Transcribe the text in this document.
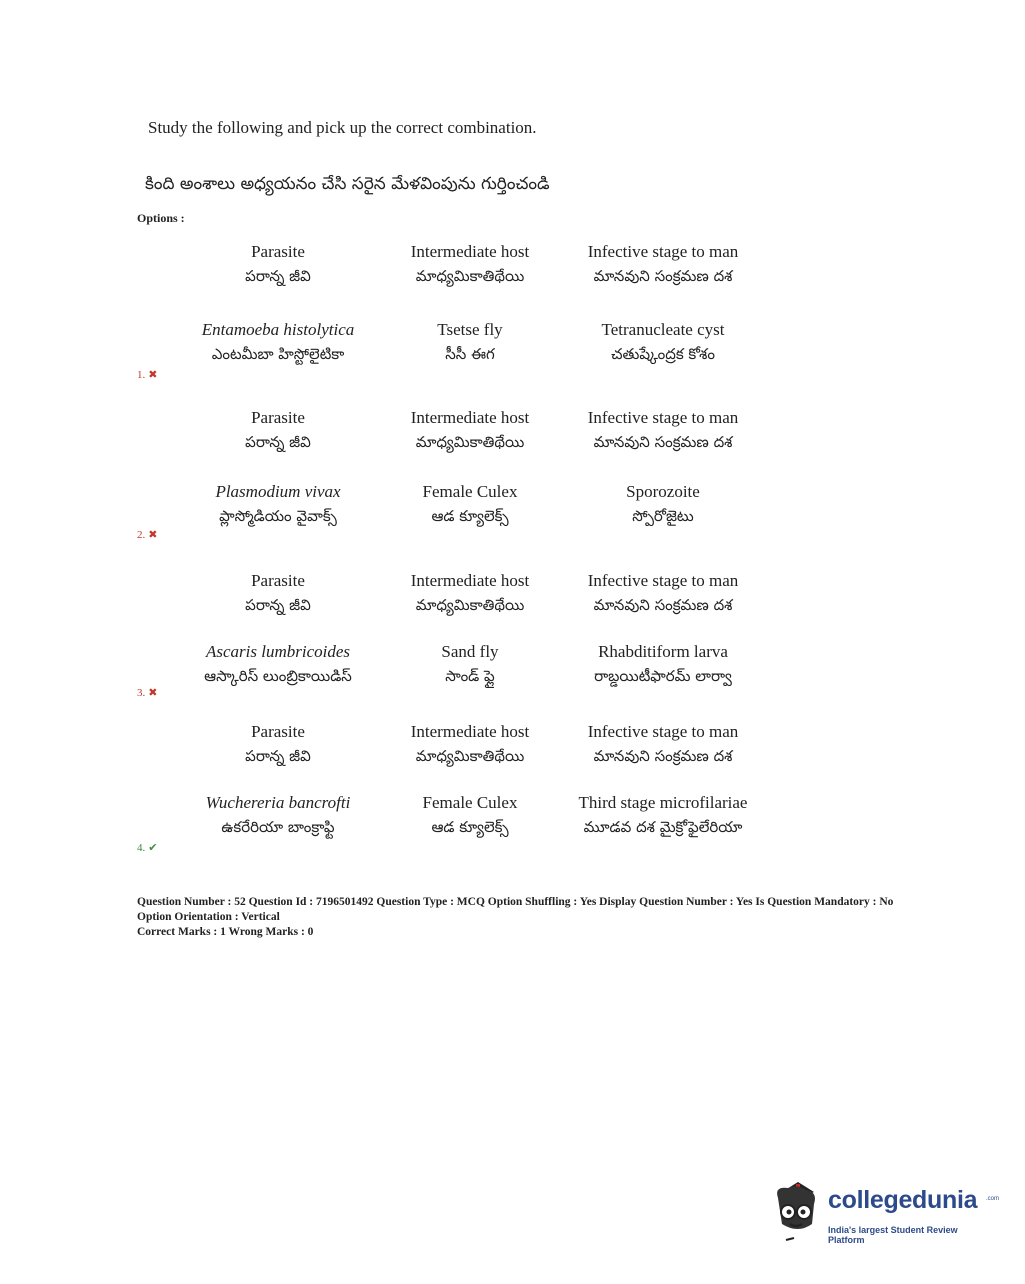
Study the following and pick up the correct combination.
కింది అంశాలు అధ్యయనం చేసి సరైన మేళవింపును గుర్తించండి
Options :
Parasite
పరాన్న జీవి
Entamoeba histolytica
ఎంటమీబా హిస్టోలైటికా
Intermediate host
మాధ్యమికాతిథేయి
Tsetse fly
సీసీ ఈగ
Infective stage to man
మానవుని సంక్రమణ దశ
Tetranucleate cyst
చతుష్కేంద్రక కోశం
1. ✖
Parasite
పరాన్న జీవి
Plasmodium vivax
ప్లాస్మోడియం వైవాక్స్
Intermediate host
మాధ్యమికాతిథేయి
Female Culex
ఆడ క్యూలెక్స్
Infective stage to man
మానవుని సంక్రమణ దశ
Sporozoite
స్పోరోజైటు
2. ✖
Parasite
పరాన్న జీవి
Ascaris lumbricoides
ఆస్కారిస్ లుంబ్రికాయిడిస్
Intermediate host
మాధ్యమికాతిథేయి
Sand fly
సాండ్ ఫ్లై
Infective stage to man
మానవుని సంక్రమణ దశ
Rhabditiform larva
రాబ్డయిటీఫారమ్ లార్వా
3. ✖
Parasite
పరాన్న జీవి
Wuchereria bancrofti
ఉకరేరియా బాంక్రాఫ్టి
Intermediate host
మాధ్యమికాతిథేయి
Female Culex
ఆడ క్యూలెక్స్
Infective stage to man
మానవుని సంక్రమణ దశ
Third stage microfilariae
మూడవ దశ మైక్రోఫైలేరియా
4. ✔
Question Number : 52 Question Id : 7196501492 Question Type : MCQ Option Shuffling : Yes Display Question Number : Yes Is Question Mandatory : No Option Orientation : Vertical
Correct Marks : 1 Wrong Marks : 0
collegedunia .com
India's largest Student Review Platform
